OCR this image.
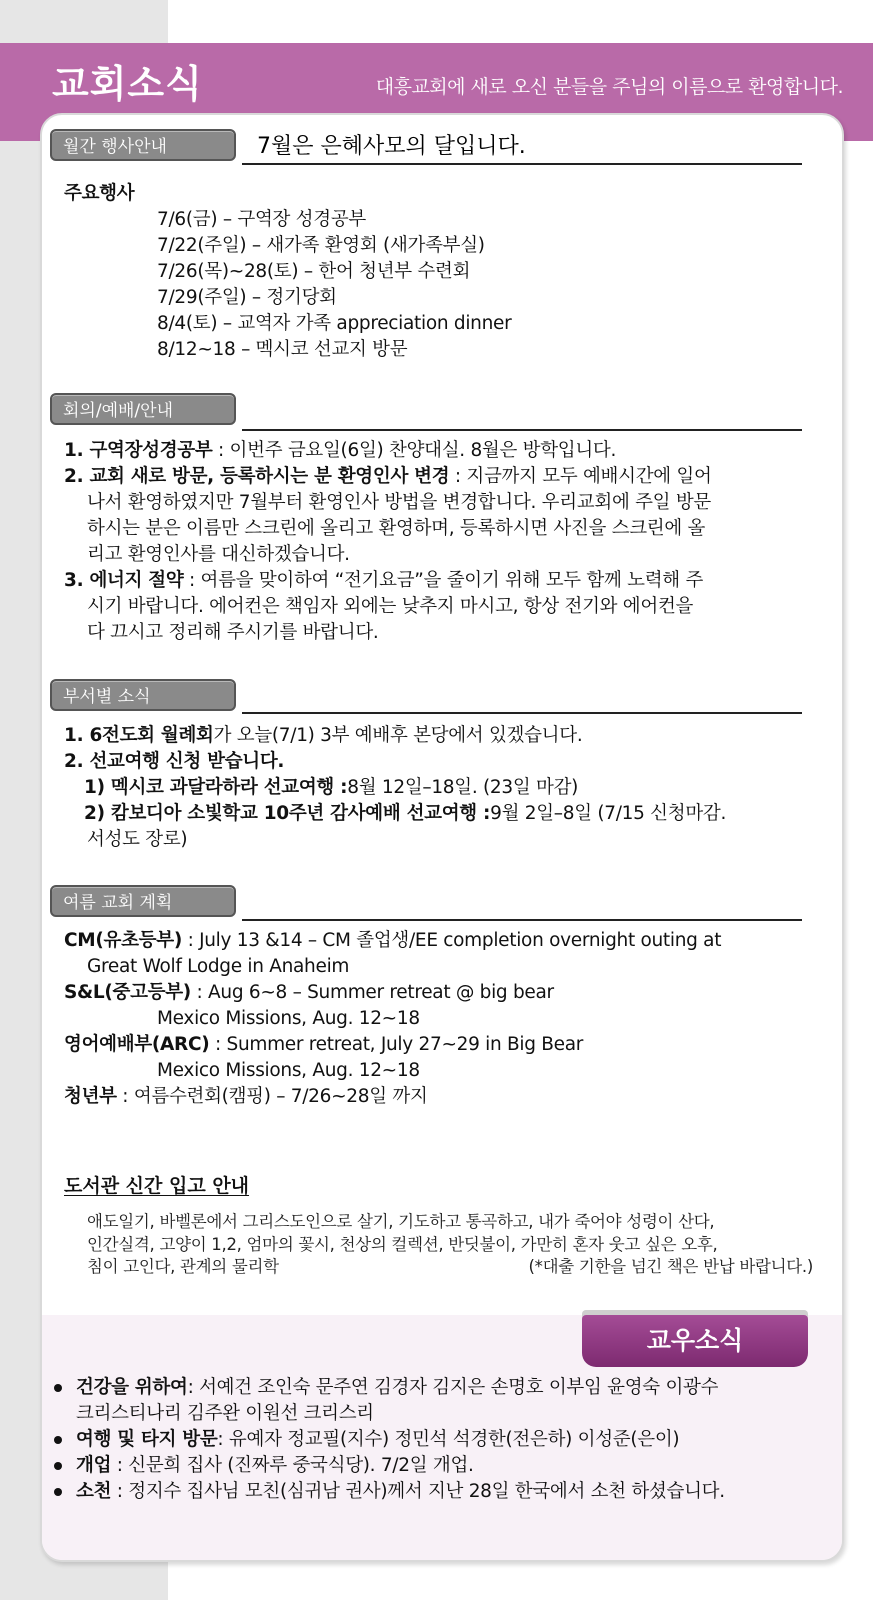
교회소식	대흥교회에 새로 오신 분들을 주님의 이름으로 환영합니다.
월간 행사안내	7월은 은혜사모의 달입니다.
주요행사
7/6(금) – 구역장 성경공부
7/22(주일) – 새가족 환영회 (새가족부실)
7/26(목)~28(토) – 한어 청년부 수련회
7/29(주일) – 정기당회
8/4(토) – 교역자 가족 appreciation dinner
8/12~18 – 멕시코 선교지 방문
회의/예배/안내
1. 구역장성경공부 : 이번주 금요일(6일) 찬양대실. 8월은 방학입니다.
2. 교회 새로 방문, 등록하시는 분 환영인사 변경 : 지금까지 모두 예배시간에 일어
나서 환영하였지만 7월부터 환영인사 방법을 변경합니다. 우리교회에 주일 방문
하시는 분은 이름만 스크린에 올리고 환영하며, 등록하시면 사진을 스크린에 올
리고 환영인사를 대신하겠습니다.
3. 에너지 절약 : 여름을 맞이하여 “전기요금”을 줄이기 위해 모두 함께 노력해 주
시기 바랍니다. 에어컨은 책임자 외에는 낮추지 마시고, 항상 전기와 에어컨을
다 끄시고 정리해 주시기를 바랍니다.
부서별 소식
1. 6전도회 월례회가 오늘(7/1) 3부 예배후 본당에서 있겠습니다.
2. 선교여행 신청 받습니다.
1) 멕시코 과달라하라 선교여행 :8월 12일–18일. (23일 마감)
2) 캄보디아 소빛학교 10주년 감사예배 선교여행 :9월 2일–8일 (7/15 신청마감.
서성도 장로)
여름 교회 계획
CM(유초등부) : July 13 &14 – CM 졸업생/EE completion overnight outing at
Great Wolf Lodge in Anaheim
S&L(중고등부) : Aug 6~8 – Summer retreat @ big bear
Mexico Missions, Aug. 12~18
영어예배부(ARC) : Summer retreat, July 27~29 in Big Bear
Mexico Missions, Aug. 12~18
청년부 : 여름수련회(캠핑) – 7/26~28일 까지
도서관 신간 입고 안내
애도일기, 바벨론에서 그리스도인으로 살기, 기도하고 통곡하고, 내가 죽어야 성령이 산다,
인간실격, 고양이 1,2, 엄마의 꽃시, 천상의 컬렉션, 반딧불이, 가만히 혼자 웃고 싶은 오후,
침이 고인다, 관계의 물리학	(*대출 기한을 넘긴 책은 반납 바랍니다.)
교우소식
건강을 위하여: 서예건 조인숙 문주연 김경자 김지은 손명호 이부임 윤영숙 이광수
크리스티나리 김주완 이원선 크리스리
여행 및 타지 방문: 유예자 정교필(지수) 정민석 석경한(전은하) 이성준(은이)
개업 : 신문희 집사 (진짜루 중국식당). 7/2일 개업.
소천 : 정지수 집사님 모친(심귀남 권사)께서 지난 28일 한국에서 소천 하셨습니다.
